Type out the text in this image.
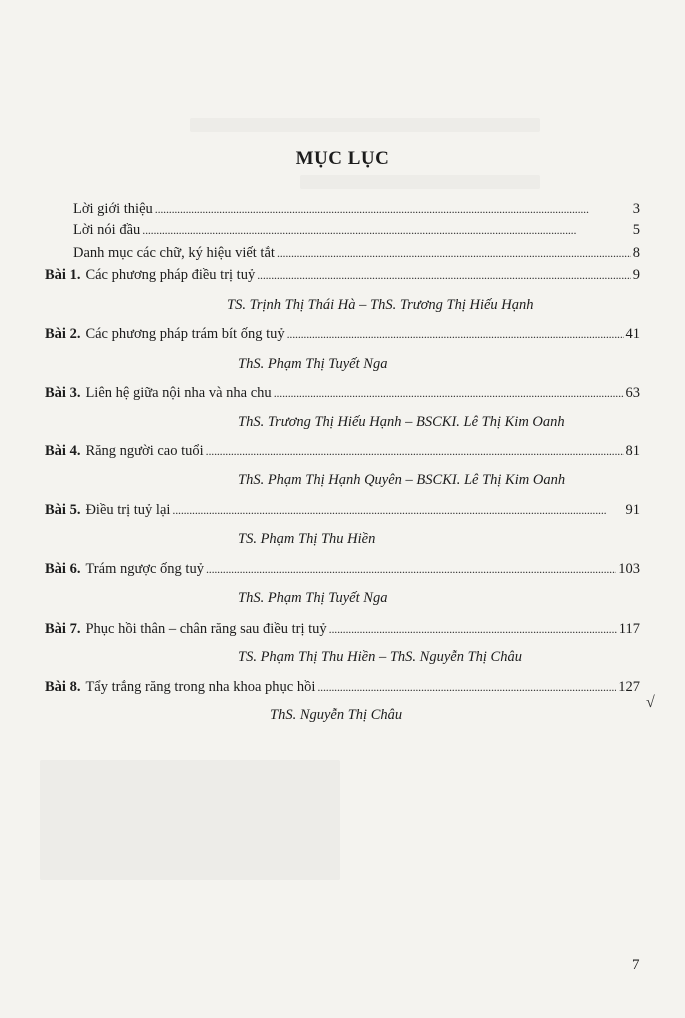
MỤC LỤC
Lời giới thiệu . . .	3
Lời nói đầu . . .	5
Danh mục các chữ, ký hiệu viết tắt . . .	8
Bài 1. Các phương pháp điều trị tuỷ . . .	9
TS. Trịnh Thị Thái Hà – ThS. Trương Thị Hiếu Hạnh
Bài 2. Các phương pháp trám bít ống tuỷ . . .	41
ThS. Phạm Thị Tuyết Nga
Bài 3. Liên hệ giữa nội nha và nha chu . . .	63
ThS. Trương Thị Hiếu Hạnh – BSCKI. Lê Thị Kim Oanh
Bài 4. Răng người cao tuổi . . .	81
ThS. Phạm Thị Hạnh Quyên – BSCKI. Lê Thị Kim Oanh
Bài 5. Điều trị tuỷ lại . . .	91
TS. Phạm Thị Thu Hiền
Bài 6. Trám ngược ống tuỷ . . .	103
ThS. Phạm Thị Tuyết Nga
Bài 7. Phục hồi thân – chân răng sau điều trị tuỷ . . .	117
TS. Phạm Thị Thu Hiền – ThS. Nguyễn Thị Châu
Bài 8. Tẩy trắng răng trong nha khoa phục hồi . . .	127
ThS. Nguyễn Thị Châu
√
7
